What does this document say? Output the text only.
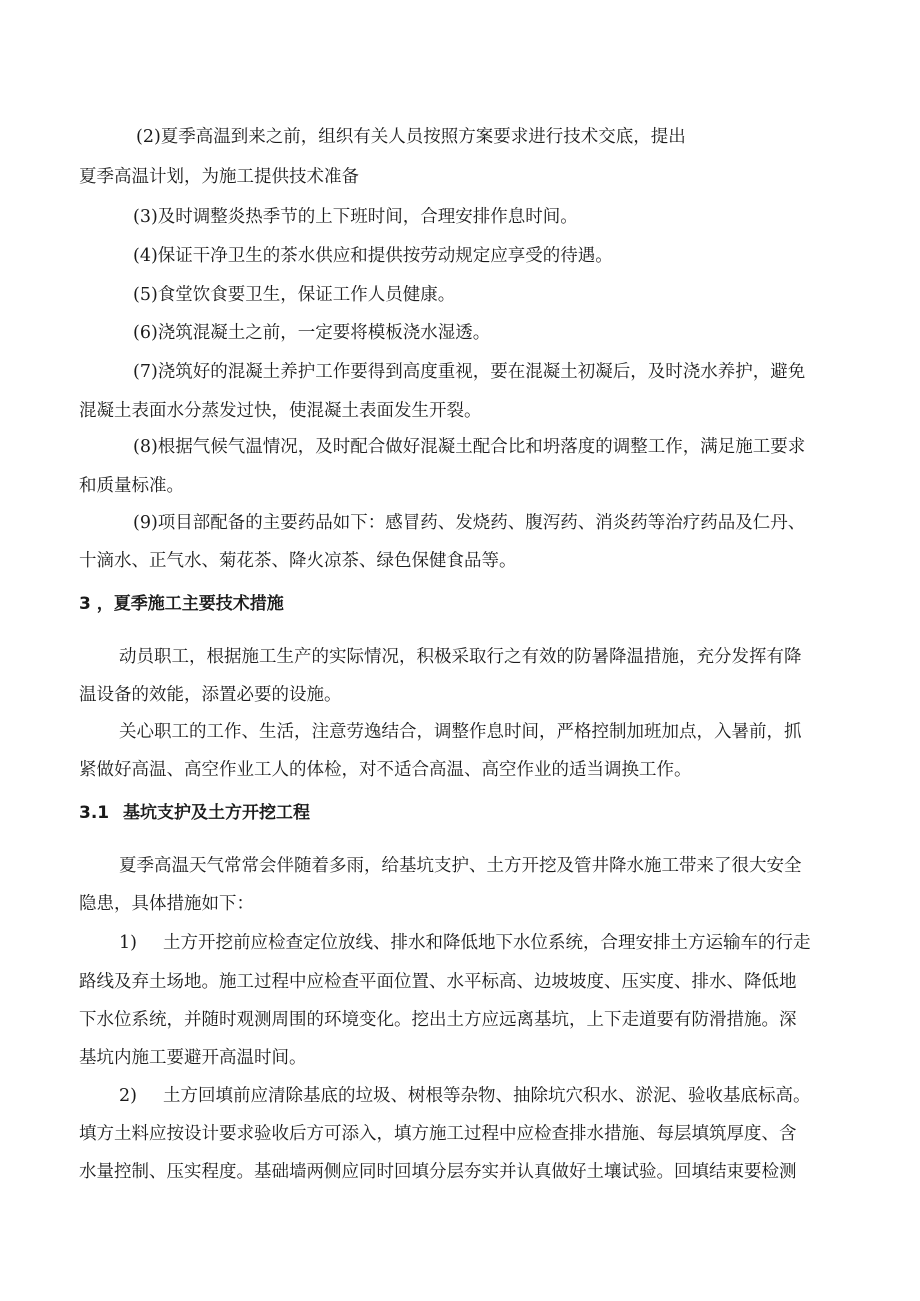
(2)夏季高温到来之前，组织有关人员按照方案要求进行技术交底，提出
夏季高温计划，为施工提供技术准备
(3)及时调整炎热季节的上下班时间，合理安排作息时间。
(4)保证干净卫生的茶水供应和提供按劳动规定应享受的待遇。
(5)食堂饮食要卫生，保证工作人员健康。
(6)浇筑混凝土之前，一定要将模板浇水湿透。
(7)浇筑好的混凝土养护工作要得到高度重视，要在混凝土初凝后，及时浇水养护，避免
混凝土表面水分蒸发过快，使混凝土表面发生开裂。
(8)根据气候气温情况，及时配合做好混凝土配合比和坍落度的调整工作，满足施工要求
和质量标准。
(9)项目部配备的主要药品如下：感冒药、发烧药、腹泻药、消炎药等治疗药品及仁丹、
十滴水、正气水、菊花茶、降火凉茶、绿色保健食品等。
3 ，夏季施工主要技术措施
动员职工，根据施工生产的实际情况，积极采取行之有效的防暑降温措施，充分发挥有降
温设备的效能，添置必要的设施。
关心职工的工作、生活，注意劳逸结合，调整作息时间，严格控制加班加点，入暑前，抓
紧做好高温、高空作业工人的体检，对不适合高温、高空作业的适当调换工作。
3.1 基坑支护及土方开挖工程
夏季高温天气常常会伴随着多雨，给基坑支护、土方开挖及管井降水施工带来了很大安全
隐患，具体措施如下：
1) 土方开挖前应检查定位放线、排水和降低地下水位系统，合理安排土方运输车的行走
路线及弃土场地。施工过程中应检查平面位置、水平标高、边坡坡度、压实度、排水、降低地
下水位系统，并随时观测周围的环境变化。挖出土方应远离基坑，上下走道要有防滑措施。深
基坑内施工要避开高温时间。
2) 土方回填前应清除基底的垃圾、树根等杂物、抽除坑穴积水、淤泥、验收基底标高。
填方土料应按设计要求验收后方可添入，填方施工过程中应检查排水措施、每层填筑厚度、含
水量控制、压实程度。基础墙两侧应同时回填分层夯实并认真做好土壤试验。回填结束要检测
